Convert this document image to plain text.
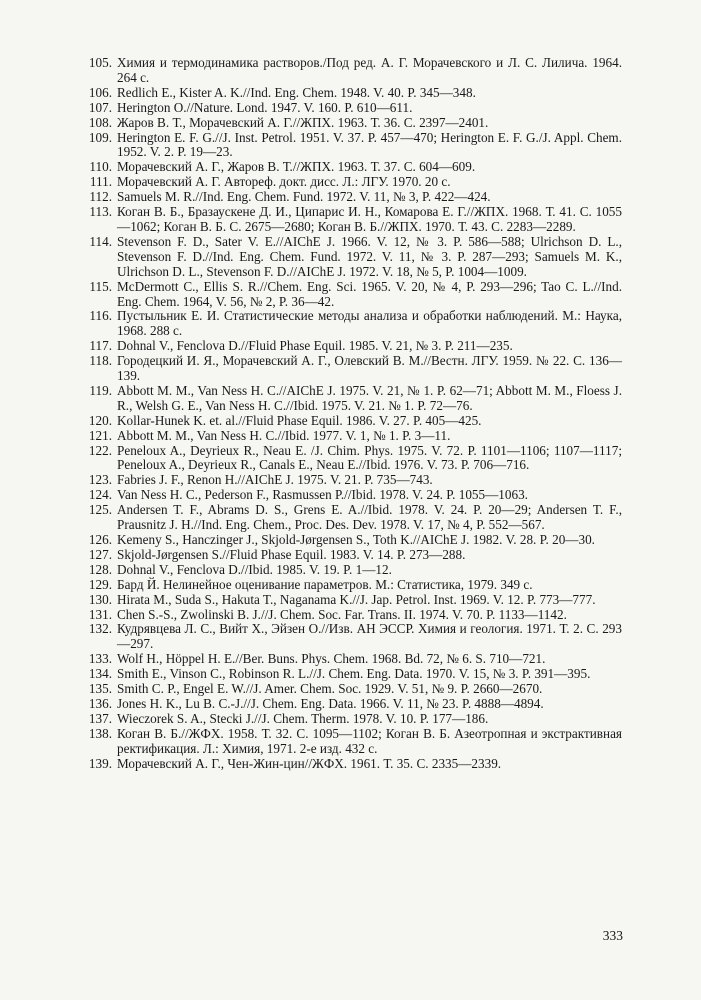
105. Химия и термодинамика растворов./Под ред. А. Г. Морачевского и Л. С. Лилича. 1964. 264 с.
106. Redlich E., Kister A. K.//Ind. Eng. Chem. 1948. V. 40. P. 345—348.
107. Herington O.//Nature. Lond. 1947. V. 160. P. 610—611.
108. Жаров В. Т., Морачевский А. Г.//ЖПХ. 1963. Т. 36. С. 2397—2401.
109. Herington E. F. G.//J. Inst. Petrol. 1951. V. 37. P. 457—470; Herington E. F. G./J. Appl. Chem. 1952. V. 2. P. 19—23.
110. Морачевский А. Г., Жаров В. Т.//ЖПХ. 1963. Т. 37. С. 604—609.
111. Морачевский А. Г. Автореф. докт. дисс. Л.: ЛГУ. 1970. 20 с.
112. Samuels M. R.//Ind. Eng. Chem. Fund. 1972. V. 11, № 3, P. 422—424.
113. Коган В. Б., Бразаускене Д. И., Ципарис И. Н., Комарова Е. Г.//ЖПХ. 1968. Т. 41. С. 1055—1062; Коган В. Б. С. 2675—2680; Коган В. Б.//ЖПХ. 1970. Т. 43. С. 2283—2289.
114. Stevenson F. D., Sater V. E.//AIChE J. 1966. V. 12, № 3. P. 586—588; Ulrichson D. L., Stevenson F. D.//Ind. Eng. Chem. Fund. 1972. V. 11, № 3. P. 287—293; Samuels M. K., Ulrichson D. L., Stevenson F. D.//AIChE J. 1972. V. 18, № 5, P. 1004—1009.
115. McDermott C., Ellis S. R.//Chem. Eng. Sci. 1965. V. 20, № 4, P. 293—296; Tao C. L.//Ind. Eng. Chem. 1964, V. 56, № 2, P. 36—42.
116. Пустыльник Е. И. Статистические методы анализа и обработки наблюдений. М.: Наука, 1968. 288 с.
117. Dohnal V., Fenclova D.//Fluid Phase Equil. 1985. V. 21, № 3. P. 211—235.
118. Городецкий И. Я., Морачевский А. Г., Олевский В. М.//Вестн. ЛГУ. 1959. № 22. С. 136—139.
119. Abbott M. M., Van Ness H. C.//AIChE J. 1975. V. 21, № 1. P. 62—71; Abbott M. M., Floess J. R., Welsh G. E., Van Ness H. C.//Ibid. 1975. V. 21. № 1. P. 72—76.
120. Kollar-Hunek K. et. al.//Fluid Phase Equil. 1986. V. 27. P. 405—425.
121. Abbott M. M., Van Ness H. C.//Ibid. 1977. V. 1, № 1. P. 3—11.
122. Peneloux A., Deyrieux R., Neau E. /J. Chim. Phys. 1975. V. 72. P. 1101—1106; 1107—1117; Peneloux A., Deyrieux R., Canals E., Neau E.//Ibid. 1976. V. 73. P. 706—716.
123. Fabries J. F., Renon H.//AIChE J. 1975. V. 21. P. 735—743.
124. Van Ness H. C., Pederson F., Rasmussen P.//Ibid. 1978. V. 24. P. 1055—1063.
125. Andersen T. F., Abrams D. S., Grens E. A.//Ibid. 1978. V. 24. P. 20—29; Andersen T. F., Prausnitz J. H.//Ind. Eng. Chem., Proc. Des. Dev. 1978. V. 17, № 4, P. 552—567.
126. Kemeny S., Hanczinger J., Skjold-Jørgensen S., Toth K.//AIChE J. 1982. V. 28. P. 20—30.
127. Skjold-Jørgensen S.//Fluid Phase Equil. 1983. V. 14. P. 273—288.
128. Dohnal V., Fenclova D.//Ibid. 1985. V. 19. P. 1—12.
129. Бард Й. Нелинейное оценивание параметров. М.: Статистика, 1979. 349 с.
130. Hirata M., Suda S., Hakuta T., Naganama K.//J. Jap. Petrol. Inst. 1969. V. 12. P. 773—777.
131. Chen S.-S., Zwolinski B. J.//J. Chem. Soc. Far. Trans. II. 1974. V. 70. P. 1133—1142.
132. Кудрявцева Л. С., Вийт Х., Эйзен О.//Изв. АН ЭССР. Химия и геология. 1971. Т. 2. С. 293—297.
133. Wolf H., Höppel H. E.//Ber. Buns. Phys. Chem. 1968. Bd. 72, № 6. S. 710—721.
134. Smith E., Vinson C., Robinson R. L.//J. Chem. Eng. Data. 1970. V. 15, № 3. P. 391—395.
135. Smith C. P., Engel E. W.//J. Amer. Chem. Soc. 1929. V. 51, № 9. P. 2660—2670.
136. Jones H. K., Lu B. C.-J.//J. Chem. Eng. Data. 1966. V. 11, № 23. P. 4888—4894.
137. Wieczorek S. A., Stecki J.//J. Chem. Therm. 1978. V. 10. P. 177—186.
138. Коган В. Б.//ЖФХ. 1958. Т. 32. С. 1095—1102; Коган В. Б. Азеотропная и экстрактивная ректификация. Л.: Химия, 1971. 2-е изд. 432 с.
139. Морачевский А. Г., Чен-Жин-цин//ЖФХ. 1961. Т. 35. С. 2335—2339.
333
